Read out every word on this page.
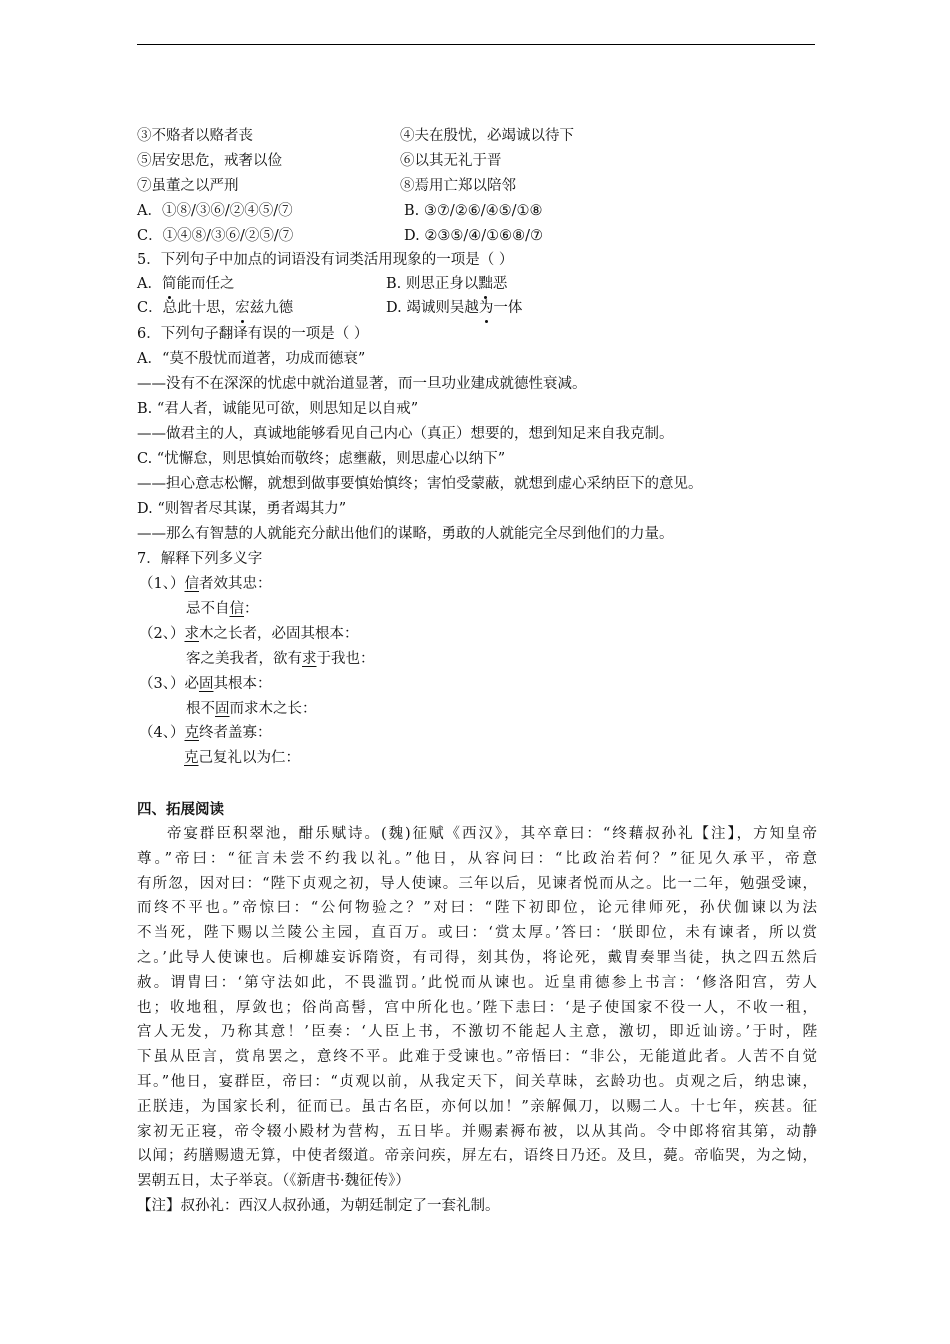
③不赂者以赂者丧	④夫在殷忧，必竭诚以待下
⑤居安思危，戒奢以俭	⑥以其无礼于晋
⑦虽董之以严刑	⑧焉用亡郑以陪邻
A．①⑧/③⑥/②④⑤/⑦	B. ③⑦/②⑥/④⑤/①⑧
C．①④⑧/③⑥/②⑤/⑦	D. ②③⑤/④/①⑥⑧/⑦
5．下列句子中加点的词语没有词类活用现象的一项是（ ）
A．简能而任之	B. 则思正身以黜恶
C．总此十思，宏兹九德	D. 竭诚则吴越为一体
6．下列句子翻译有误的一项是（ ）
A．“莫不殷忧而道著，功成而德衰”
——没有不在深深的忧虑中就治道显著，而一旦功业建成就德性衰减。
B. “君人者，诚能见可欲，则思知足以自戒”
——做君主的人，真诚地能够看见自己内心（真正）想要的，想到知足来自我克制。
C. “忧懈怠，则思慎始而敬终；虑壅蔽，则思虚心以纳下”
——担心意志松懈，就想到做事要慎始慎终；害怕受蒙蔽，就想到虚心采纳臣下的意见。
D. “则智者尽其谋，勇者竭其力”
——那么有智慧的人就能充分献出他们的谋略，勇敢的人就能完全尽到他们的力量。
7．解释下列多义字
（1、）信者效其忠：
忌不自信：
（2、）求木之长者，必固其根本：
客之美我者，欲有求于我也：
（3、）必固其根本：
根不固而求木之长：
（4、）克终者盖寡：
克己复礼以为仁：
四、拓展阅读
帝宴群臣积翠池，酣乐赋诗。(魏)征赋《西汉》，其卒章曰：“终藉叔孙礼【注】，方知皇帝
尊。”帝曰：“征言未尝不约我以礼。”他日，从容问曰：“比政治若何？”征见久承平，帝意
有所忽，因对曰：“陛下贞观之初，导人使谏。三年以后，见谏者悦而从之。比一二年，勉强受谏，
而终不平也。”帝惊曰：“公何物验之？”对曰：“陛下初即位，论元律师死，孙伏伽谏以为法
不当死，陛下赐以兰陵公主园，直百万。或曰：‘赏太厚。’答曰：‘朕即位，未有谏者，所以赏
之。’此导人使谏也。后柳雄妄诉隋资，有司得，刻其伪，将论死，戴胄奏罪当徒，执之四五然后
赦。谓胄曰：‘第守法如此，不畏滥罚。’此悦而从谏也。近皇甫德参上书言：‘修洛阳宫，劳人
也；收地租，厚敛也；俗尚高髻，宫中所化也。’陛下恚曰：‘是子使国家不役一人，不收一租，
宫人无发，乃称其意！’臣奏：‘人臣上书，不激切不能起人主意，激切，即近讪谤。’于时，陛
下虽从臣言，赏帛罢之，意终不平。此难于受谏也。”帝悟曰：“非公，无能道此者。人苦不自觉
耳。”他日，宴群臣，帝曰：“贞观以前，从我定天下，间关草昧，玄龄功也。贞观之后，纳忠谏，
正朕违，为国家长利，征而已。虽古名臣，亦何以加！”亲解佩刀，以赐二人。十七年，疾甚。征
家初无正寝，帝令辍小殿材为营构，五日毕。并赐素褥布被，以从其尚。令中郎将宿其第，动静
以闻；药膳赐遗无算，中使者缀道。帝亲问疾，屏左右，语终日乃还。及旦，薨。帝临哭，为之恸，
罢朝五日，太子举哀。（《新唐书·魏征传》）
【注】叔孙礼：西汉人叔孙通，为朝廷制定了一套礼制。
